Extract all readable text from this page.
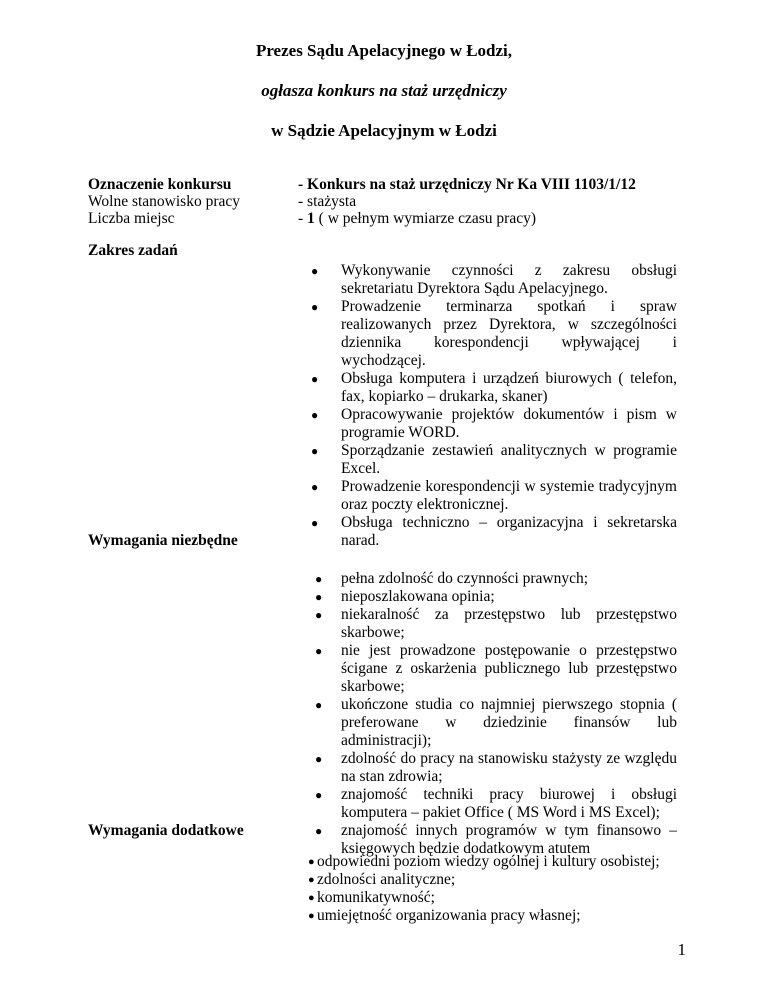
Prezes Sądu Apelacyjnego w Łodzi,
ogłasza konkurs na staż urzędniczy
w Sądzie Apelacyjnym w Łodzi
Oznaczenie konkursu	- Konkurs na staż urzędniczy Nr Ka VIII 1103/1/12
Wolne stanowisko pracy	- stażysta
Liczba miejsc	- 1 ( w pełnym wymiarze czasu pracy)
Zakres zadań
● Wykonywanie czynności z zakresu obsługi sekretariatu Dyrektora Sądu Apelacyjnego.
● Prowadzenie terminarza spotkań i spraw realizowanych przez Dyrektora, w szczególności dziennika korespondencji wpływającej i wychodzącej.
● Obsługa komputera i urządzeń biurowych ( telefon, fax, kopiarko – drukarka, skaner)
● Opracowywanie projektów dokumentów i pism w programie WORD.
● Sporządzanie zestawień analitycznych w programie Excel.
● Prowadzenie korespondencji w systemie tradycyjnym oraz poczty elektronicznej.
● Obsługa techniczno – organizacyjna i sekretarska narad.
Wymagania niezbędne
● pełna zdolność do czynności prawnych;
● nieposzlakowana opinia;
● niekaralność za przestępstwo lub przestępstwo skarbowe;
● nie jest prowadzone postępowanie o przestępstwo ścigane z oskarżenia publicznego lub przestępstwo skarbowe;
● ukończone studia co najmniej pierwszego stopnia ( preferowane w dziedzinie finansów lub administracji);
● zdolność do pracy na stanowisku stażysty ze względu na stan zdrowia;
● znajomość techniki pracy biurowej i obsługi komputera – pakiet Office ( MS Word i MS Excel);
● znajomość innych programów w tym finansowo – księgowych będzie dodatkowym atutem
Wymagania dodatkowe
● odpowiedni poziom wiedzy ogólnej i kultury osobistej;
● zdolności analityczne;
● komunikatywność;
● umiejętność organizowania pracy własnej;
1
